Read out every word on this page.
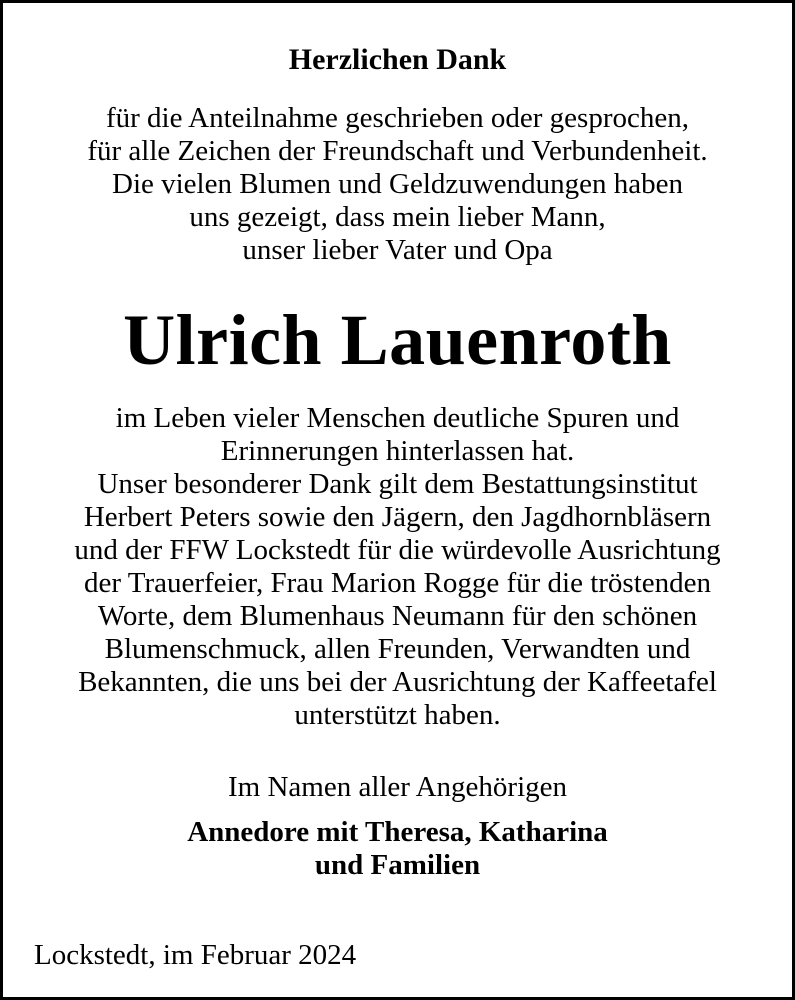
Herzlichen Dank
für die Anteilnahme geschrieben oder gesprochen,
für alle Zeichen der Freundschaft und Verbundenheit.
Die vielen Blumen und Geldzuwendungen haben
uns gezeigt, dass mein lieber Mann,
unser lieber Vater und Opa
Ulrich Lauenroth
im Leben vieler Menschen deutliche Spuren und
Erinnerungen hinterlassen hat.
Unser besonderer Dank gilt dem Bestattungsinstitut
Herbert Peters sowie den Jägern, den Jagdhornbläsern
und der FFW Lockstedt für die würdevolle Ausrichtung
der Trauerfeier, Frau Marion Rogge für die tröstenden
Worte, dem Blumenhaus Neumann für den schönen
Blumenschmuck, allen Freunden, Verwandten und
Bekannten, die uns bei der Ausrichtung der Kaffeetafel
unterstützt haben.
Im Namen aller Angehörigen
Annedore mit Theresa, Katharina
und Familien
Lockstedt, im Februar 2024
